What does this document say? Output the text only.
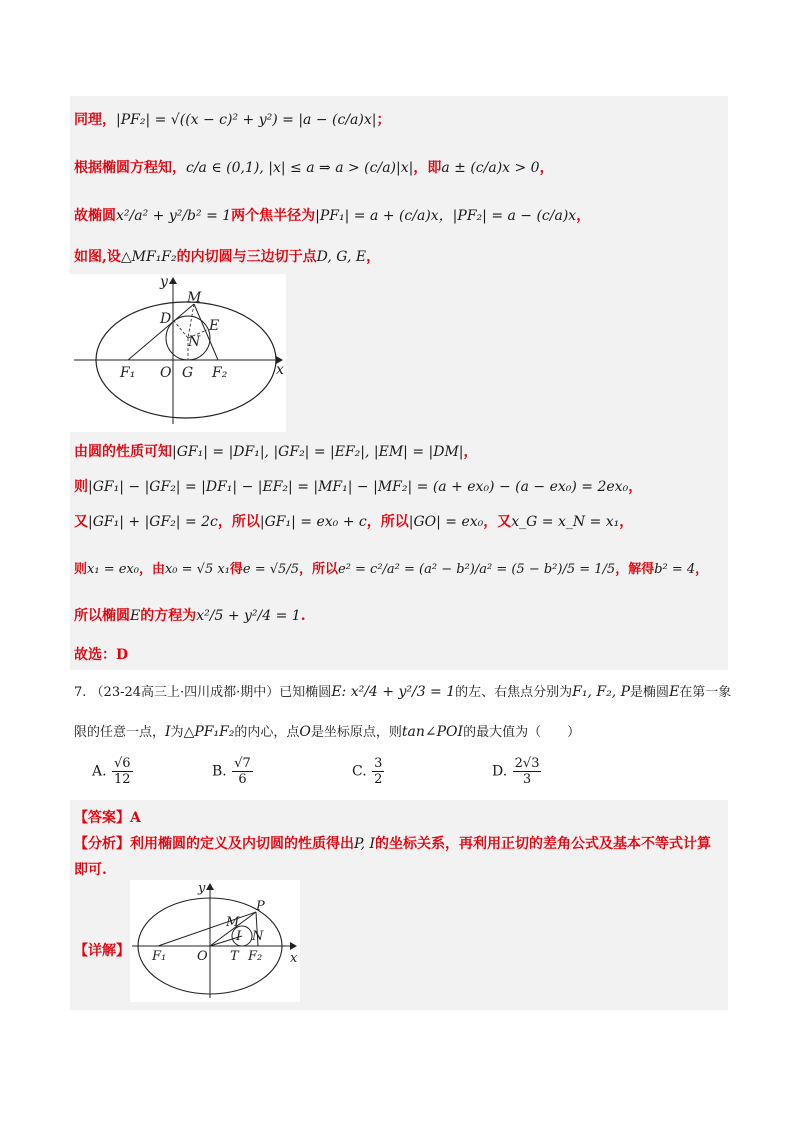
同理，|PF₂| = √((x − c)² + y²) = |a − (c/a)x|；
根据椭圆方程知，c/a ∈ (0,1), |x| ≤ a ⇒ a > (c/a)|x|，即a ± (c/a)x > 0，
故椭圆x²/a² + y²/b² = 1两个焦半径为|PF₁| = a + (c/a)x，|PF₂| = a − (c/a)x，
如图,设△MF₁F₂的内切圆与三边切于点D, G, E，
y
x
M
D	E
N
F₁ O G F₂
由圆的性质可知|GF₁| = |DF₁|, |GF₂| = |EF₂|, |EM| = |DM|，
则|GF₁| − |GF₂| = |DF₁| − |EF₂| = |MF₁| − |MF₂| = (a + ex₀) − (a − ex₀) = 2ex₀，
又|GF₁| + |GF₂| = 2c，所以|GF₁| = ex₀ + c，所以|GO| = ex₀，又x_G = x_N = x₁，
则x₁ = ex₀，由x₀ = √5 x₁得e = √5/5，所以e² = c²/a² = (a² − b²)/a² = (5 − b²)/5 = 1/5，解得b² = 4，
所以椭圆E的方程为x²/5 + y²/4 = 1.
故选：D
7. （23-24高三上·四川成都·期中）已知椭圆E: x²/4 + y²/3 = 1的左、右焦点分别为F₁, F₂, P是椭圆E在第一象
限的任意一点，I为△PF₁F₂的内心，点O是坐标原点，则tan∠POI的最大值为（　　）
A. $\frac{√6}{12}$	B. $\frac{√7}{6}$	C. $\frac{3}{2}$	D. $\frac{2√3}{3}$
【答案】A
【分析】利用椭圆的定义及内切圆的性质得出P, I的坐标关系，再利用正切的差角公式及基本不等式计算
即可.
【详解】
y
x
M
P
I N
F₁ O T F₂
